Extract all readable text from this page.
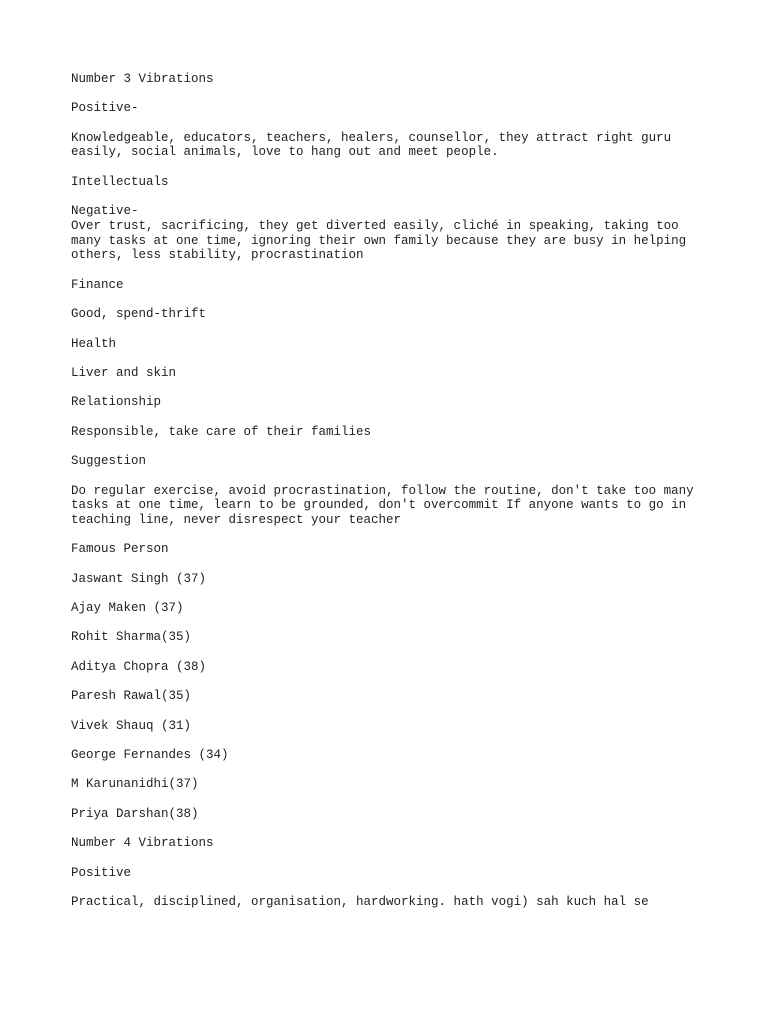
Number 3 Vibrations

Positive-

Knowledgeable, educators, teachers, healers, counsellor, they attract right guru
easily, social animals, love to hang out and meet people.

Intellectuals

Negative-

Over trust, sacrificing, they get diverted easily, cliché in speaking, taking too
many tasks at one time, ignoring their own family because they are busy in helping
others, less stability, procrastination

Finance

Good, spend-thrift

Health

Liver and skin

Relationship

Responsible, take care of their families

Suggestion

Do regular exercise, avoid procrastination, follow the routine, don't take too many
tasks at one time, learn to be grounded, don't overcommit If anyone wants to go in
teaching line, never disrespect your teacher

Famous Person

Jaswant Singh (37)

Ajay Maken (37)

Rohit Sharma(35)

Aditya Chopra (38)

Paresh Rawal(35)

Vivek Shauq (31)

George Fernandes (34)

M Karunanidhi(37)

Priya Darshan(38)

Number 4 Vibrations

Positive

Practical, disciplined, organisation, hardworking. hath vogi) sah kuch hal se
